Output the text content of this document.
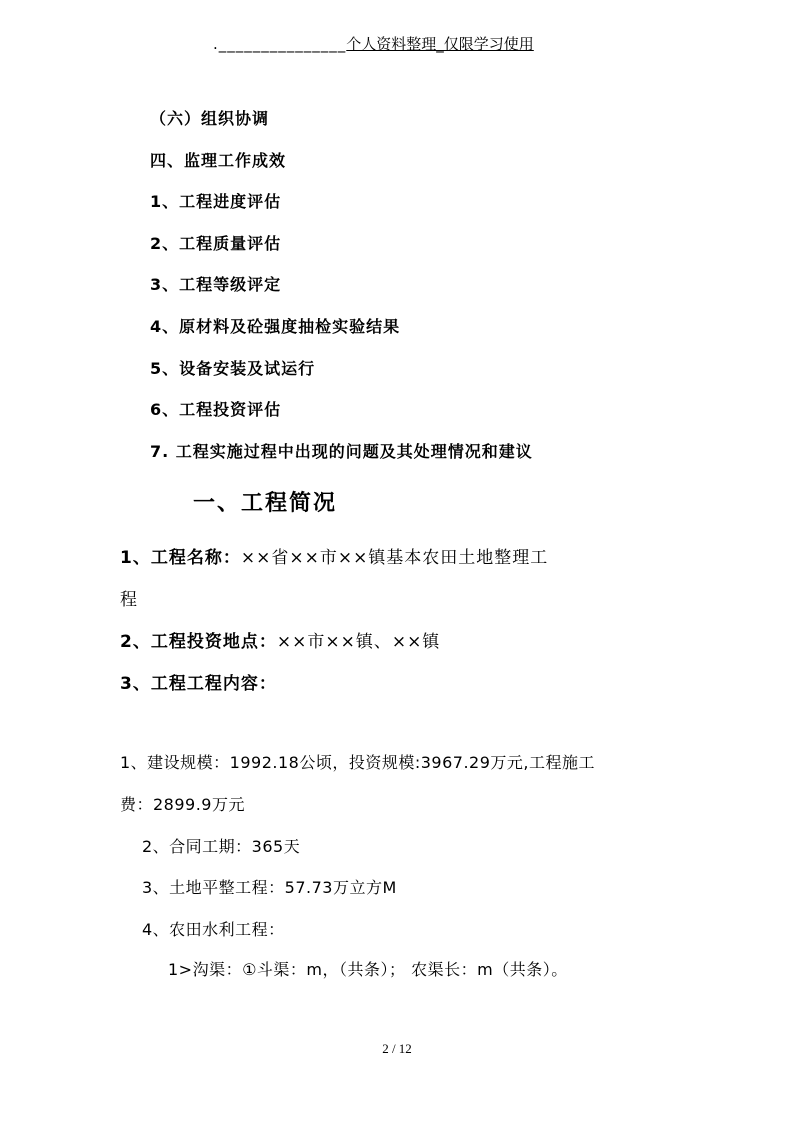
._______________个人资料整理_仅限学习使用
（六）组织协调
四、监理工作成效
1、工程进度评估
2、工程质量评估
3、工程等级评定
4、原材料及砼强度抽检实验结果
5、设备安装及试运行
6、工程投资评估
7. 工程实施过程中出现的问题及其处理情况和建议
一、工程简况
1、工程名称：××省××市××镇基本农田土地整理工
程
2、工程投资地点：××市××镇、××镇
3、工程工程内容：
1、建设规模：1992.18公顷，投资规模:3967.29万元,工程施工
费：2899.9万元
2、合同工期：365天
3、土地平整工程：57.73万立方M
4、农田水利工程：
1>沟渠：①斗渠：m，（共条）； 农渠长：m（共条）。
2 / 12
